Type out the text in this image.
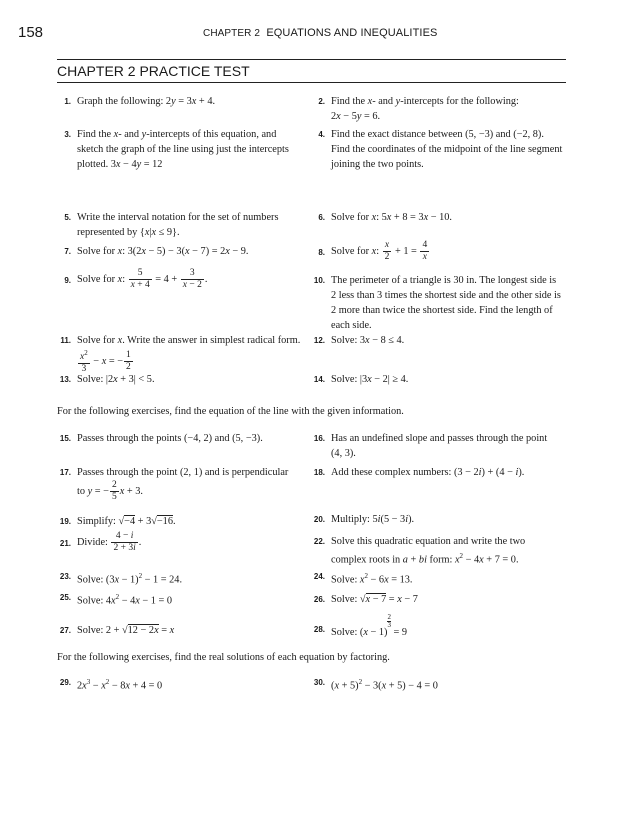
158	CHAPTER 2 EQUATIONS AND INEQUALITIES
CHAPTER 2 PRACTICE TEST
1. Graph the following: 2y = 3x + 4.	2. Find the x- and y-intercepts for the following:
2x − 5y = 6.
3. Find the x- and y-intercepts of this equation, and sketch the graph of the line using just the intercepts plotted. 3x − 4y = 12
4. Find the exact distance between (5, −3) and (−2, 8). Find the coordinates of the midpoint of the line segment joining the two points.
5. Write the interval notation for the set of numbers represented by {x|x ≤ 9}.
6. Solve for x: 5x + 8 = 3x − 10.
7. Solve for x: 3(2x − 5) − 3(x − 7) = 2x − 9.	8. Solve for x: $\frac{x}{2} + 1 = \frac{4}{x}$
9. Solve for x: $\frac{5}{x + 4} = 4 + \frac{3}{x - 2}$ .	10. The perimeter of a triangle is 30 in. The longest side is 2 less than 3 times the shortest side and the other side is 2 more than twice the shortest side. Find the length of each side.
11. Solve for x. Write the answer in simplest radical form.

$\frac{x^2}{3} - x$ = − $\frac{1}{2}$
12. Solve: 3x − 8 ≤ 4.
13. Solve: |2x + 3| < 5.	14. Solve: |3x − 2| ≥ 4.
For the following exercises, find the equation of the line with the given information.
15. Passes through the points (−4, 2) and (5, −3).	16. Has an undefined slope and passes through the point (4, 3).
17. Passes through the point (2, 1) and is perpendicular
to y = − $\frac{2}{5}$ x + 3.
18. Add these complex numbers: (3 − 2i) + (4 − i).
19. Simplify: √−4 + 3√−16.	20. Multiply: 5i(5 − 3i).
21. Divide: $\frac{4 - i}{2 + 3i}$ .	22. Solve this quadratic equation and write the two complex roots in a + bi form: $x^2 - 4x + 7 = 0$.
23. Solve: $(3x - 1)^2 - 1 = 24$.	24. Solve: $x^2 - 6x = 13$.
25. Solve: $4x^2 - 4x - 1 = 0$	26. Solve: √x − 7 = x − 7
27. Solve: 2 + √12 − 2x = x	28. Solve: (x − 1)
$\frac{2}{3}$
= 9
For the following exercises, find the real solutions of each equation by factoring.
29. $2x^3 - x^2 - 8x + 4 = 0$	30. $(x + 5)^2 - 3(x + 5) - 4 = 0$
